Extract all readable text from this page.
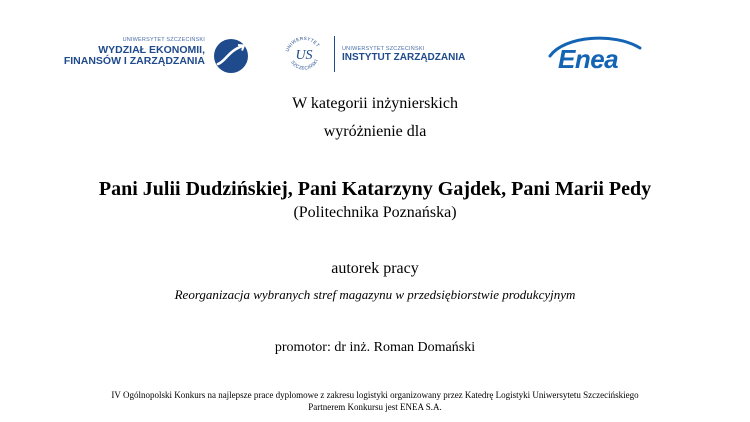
UNIWERSYTET SZCZECIŃSKI
WYDZIAŁ EKONOMII,
FINANSÓW I ZARZĄDZANIA
UNIWERSYTET
SZCZECIŃSKI
US	UNIWERSYTET SZCZECIŃSKI
INSTYTUT ZARZĄDZANIA	Enea
W kategorii inżynierskich
wyróżnienie dla
Pani Julii Dudzińskiej, Pani Katarzyny Gajdek, Pani Marii Pedy
(Politechnika Poznańska)
autorek pracy
Reorganizacja wybranych stref magazynu w przedsiębiorstwie produkcyjnym
promotor: dr inż. Roman Domański
IV Ogólnopolski Konkurs na najlepsze prace dyplomowe z zakresu logistyki organizowany przez Katedrę Logistyki Uniwersytetu Szczecińskiego
Partnerem Konkursu jest ENEA S.A.
